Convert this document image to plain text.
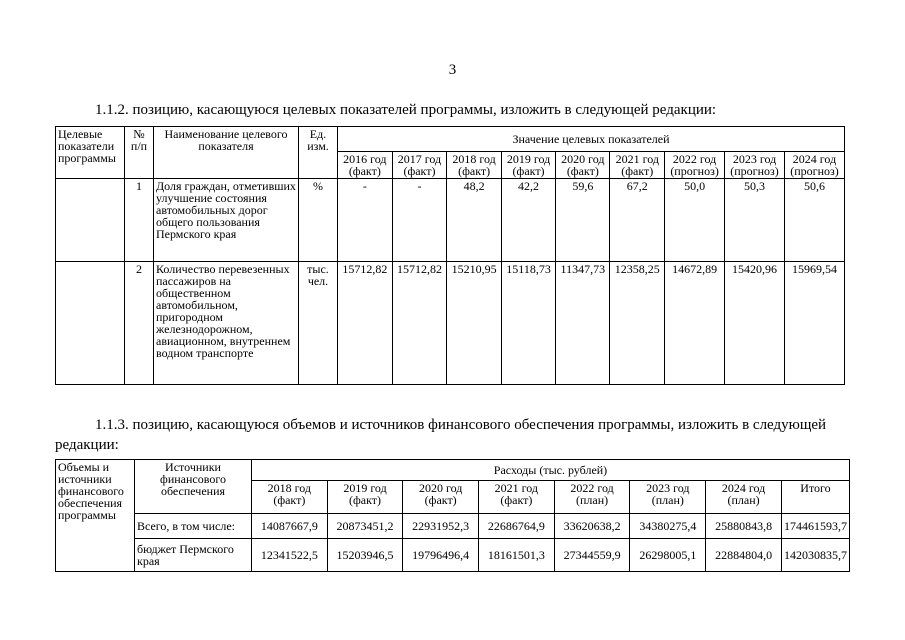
3
1.1.2. позицию, касающуюся целевых показателей программы, изложить в следующей редакции:
Целевые показатели программы	№ п/п	Наименование целевого показателя	Ед. изм.	Значение целевых показателей								
				2016 год (факт)	2017 год (факт)	2018 год (факт)	2019 год (факт)	2020 год (факт)	2021 год (факт)	2022 год (прогноз)	2023 год (прогноз)	2024 год (прогноз)
	1	Доля граждан, отметивших улучшение состояния автомобильных дорог общего пользования Пермского края	%	-	-	48,2	42,2	59,6	67,2	50,0	50,3	50,6
	2	Количество перевезенных пассажиров на общественном автомобильном, пригородном железнодорожном, авиационном, внутреннем водном транспорте	тыс. чел.	15712,82	15712,82	15210,95	15118,73	11347,73	12358,25	14672,89	15420,96	15969,54
1.1.3. позицию, касающуюся объемов и источников финансового обеспечения программы, изложить в следующей редакции:
Объемы и источники финансового обеспечения программы	Источники финансового обеспечения	Расходы (тыс. рублей)							
		2018 год (факт)	2019 год (факт)	2020 год (факт)	2021 год (факт)	2022 год (план)	2023 год (план)	2024 год (план)	Итого
	Всего, в том числе:	14087667,9	20873451,2	22931952,3	22686764,9	33620638,2	34380275,4	25880843,8	174461593,7
	бюджет Пермского края	12341522,5	15203946,5	19796496,4	18161501,3	27344559,9	26298005,1	22884804,0	142030835,7
